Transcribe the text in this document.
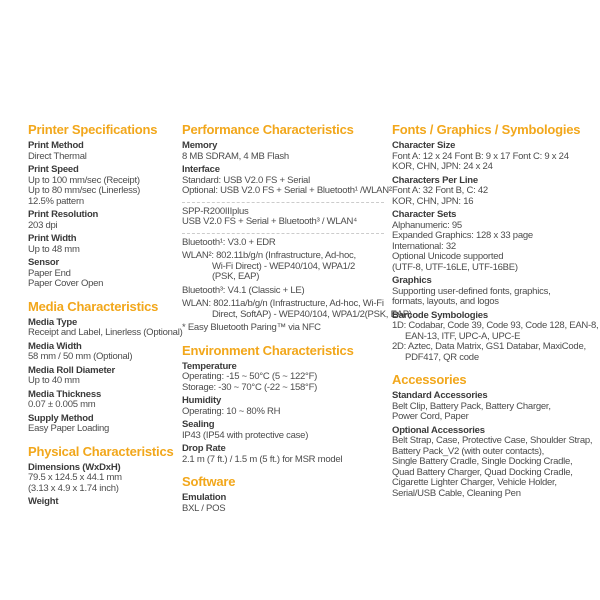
Printer Specifications
Print Method
Direct Thermal
Print Speed
Up to 100 mm/sec (Receipt)
Up to 80 mm/sec (Linerless)
12.5% pattern
Print Resolution
203 dpi
Print Width
Up to 48 mm
Sensor
Paper End
Paper Cover Open
Media Characteristics
Media Type
Receipt and Label, Linerless (Optional)
Media Width
58 mm / 50 mm (Optional)
Media Roll Diameter
Up to 40 mm
Media Thickness
0.07 ± 0.005 mm
Supply Method
Easy Paper Loading
Physical Characteristics
Dimensions (WxDxH)
79.5 x 124.5 x 44.1 mm
(3.13 x 4.9 x 1.74 inch)
Weight
Performance Characteristics
Memory
8 MB SDRAM, 4 MB Flash
Interface
Standard: USB V2.0 FS + Serial
Optional: USB V2.0 FS + Serial + Bluetooth¹ /WLAN²
SPP-R200IIIplus
USB V2.0 FS + Serial + Bluetooth³ / WLAN⁴
Bluetooth¹: V3.0 + EDR
WLAN²: 802.11b/g/n (Infrastructure, Ad-hoc,
Wi-Fi Direct) - WEP40/104, WPA1/2
(PSK, EAP)
Bluetooth³: V4.1 (Classic + LE)
WLAN: 802.11a/b/g/n (Infrastructure, Ad-hoc, Wi-Fi
Direct, SoftAP) - WEP40/104, WPA1/2(PSK, EAP)
* Easy Bluetooth Paring™ via NFC
Environment Characteristics
Temperature
Operating: -15 ~ 50°C (5 ~ 122°F)
Storage: -30 ~ 70°C (-22 ~ 158°F)
Humidity
Operating: 10 ~ 80% RH
Sealing
IP43 (IP54 with protective case)
Drop Rate
2.1 m (7 ft.) / 1.5 m (5 ft.) for MSR model
Software
Emulation
BXL / POS
Fonts / Graphics / Symbologies
Character Size
Font A: 12 x 24 Font B: 9 x 17 Font C: 9 x 24
KOR, CHN, JPN: 24 x 24
Characters Per Line
Font A: 32 Font B, C: 42
KOR, CHN, JPN: 16
Character Sets
Alphanumeric: 95
Expanded Graphics: 128 x 33 page
International: 32
Optional Unicode supported
(UTF-8, UTF-16LE, UTF-16BE)
Graphics
Supporting user-defined fonts, graphics,
formats, layouts, and logos
Barcode Symbologies
1D: Codabar, Code 39, Code 93, Code 128, EAN-8,
EAN-13, ITF, UPC-A, UPC-E
2D: Aztec, Data Matrix, GS1 Databar, MaxiCode,
PDF417, QR code
Accessories
Standard Accessories
Belt Clip, Battery Pack, Battery Charger,
Power Cord, Paper
Optional Accessories
Belt Strap, Case, Protective Case, Shoulder Strap,
Battery Pack_V2 (with outer contacts),
Single Battery Cradle, Single Docking Cradle,
Quad Battery Charger, Quad Docking Cradle,
Cigarette Lighter Charger, Vehicle Holder,
Serial/USB Cable, Cleaning Pen
